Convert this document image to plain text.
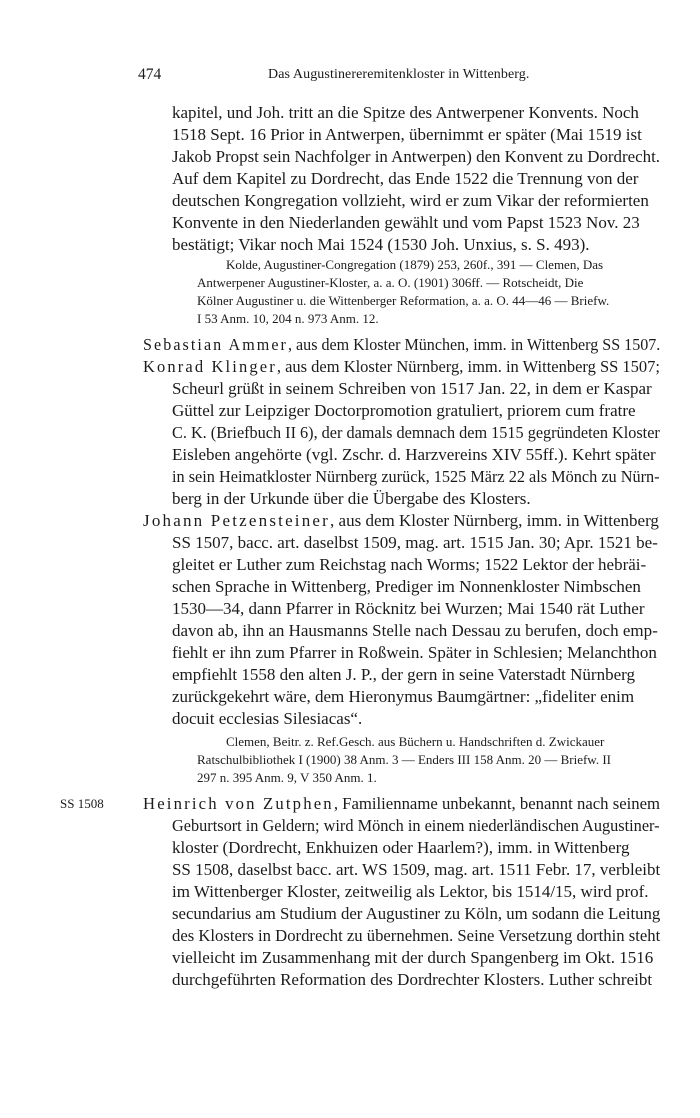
474	Das Augustinereremitenkloster in Wittenberg.
kapitel, und Joh. tritt an die Spitze des Antwerpener Konvents. Noch
1518 Sept. 16 Prior in Antwerpen, übernimmt er später (Mai 1519 ist
Jakob Propst sein Nachfolger in Antwerpen) den Konvent zu Dordrecht.
Auf dem Kapitel zu Dordrecht, das Ende 1522 die Trennung von der
deutschen Kongregation vollzieht, wird er zum Vikar der reformierten
Konvente in den Niederlanden gewählt und vom Papst 1523 Nov. 23
bestätigt; Vikar noch Mai 1524 (1530 Joh. Unxius, s. S. 493).
Kolde, Augustiner-Congregation (1879) 253, 260f., 391 — Clemen, Das
Antwerpener Augustiner-Kloster, a. a. O. (1901) 306ff. — Rotscheidt, Die
Kölner Augustiner u. die Wittenberger Reformation, a. a. O. 44—46 — Briefw.
I 53 Anm. 10, 204 n. 973 Anm. 12.
Sebastian Ammer, aus dem Kloster München, imm. in Wittenberg SS 1507.
Konrad Klinger, aus dem Kloster Nürnberg, imm. in Wittenberg SS 1507;
Scheurl grüßt in seinem Schreiben von 1517 Jan. 22, in dem er Kaspar
Güttel zur Leipziger Doctorpromotion gratuliert, priorem cum fratre
C. K. (Briefbuch II 6), der damals demnach dem 1515 gegründeten Kloster
Eisleben angehörte (vgl. Zschr. d. Harzvereins XIV 55ff.). Kehrt später
in sein Heimatkloster Nürnberg zurück, 1525 März 22 als Mönch zu Nürn-
berg in der Urkunde über die Übergabe des Klosters.
Johann Petzensteiner, aus dem Kloster Nürnberg, imm. in Wittenberg
SS 1507, bacc. art. daselbst 1509, mag. art. 1515 Jan. 30; Apr. 1521 be-
gleitet er Luther zum Reichstag nach Worms; 1522 Lektor der hebräi-
schen Sprache in Wittenberg, Prediger im Nonnenkloster Nimbschen
1530—34, dann Pfarrer in Röcknitz bei Wurzen; Mai 1540 rät Luther
davon ab, ihn an Hausmanns Stelle nach Dessau zu berufen, doch emp-
fiehlt er ihn zum Pfarrer in Roßwein. Später in Schlesien; Melanchthon
empfiehlt 1558 den alten J. P., der gern in seine Vaterstadt Nürnberg
zurückgekehrt wäre, dem Hieronymus Baumgärtner: „fideliter enim
docuit ecclesias Silesiacas“.
Clemen, Beitr. z. Ref.Gesch. aus Büchern u. Handschriften d. Zwickauer
Ratschulbibliothek I (1900) 38 Anm. 3 — Enders III 158 Anm. 20 — Briefw. II
297 n. 395 Anm. 9, V 350 Anm. 1.
SS 1508 Heinrich von Zutphen, Familienname unbekannt, benannt nach seinem
Geburtsort in Geldern; wird Mönch in einem niederländischen Augustiner-
kloster (Dordrecht, Enkhuizen oder Haarlem?), imm. in Wittenberg
SS 1508, daselbst bacc. art. WS 1509, mag. art. 1511 Febr. 17, verbleibt
im Wittenberger Kloster, zeitweilig als Lektor, bis 1514/15, wird prof.
secundarius am Studium der Augustiner zu Köln, um sodann die Leitung
des Klosters in Dordrecht zu übernehmen. Seine Versetzung dorthin steht
vielleicht im Zusammenhang mit der durch Spangenberg im Okt. 1516
durchgeführten Reformation des Dordrechter Klosters. Luther schreibt
